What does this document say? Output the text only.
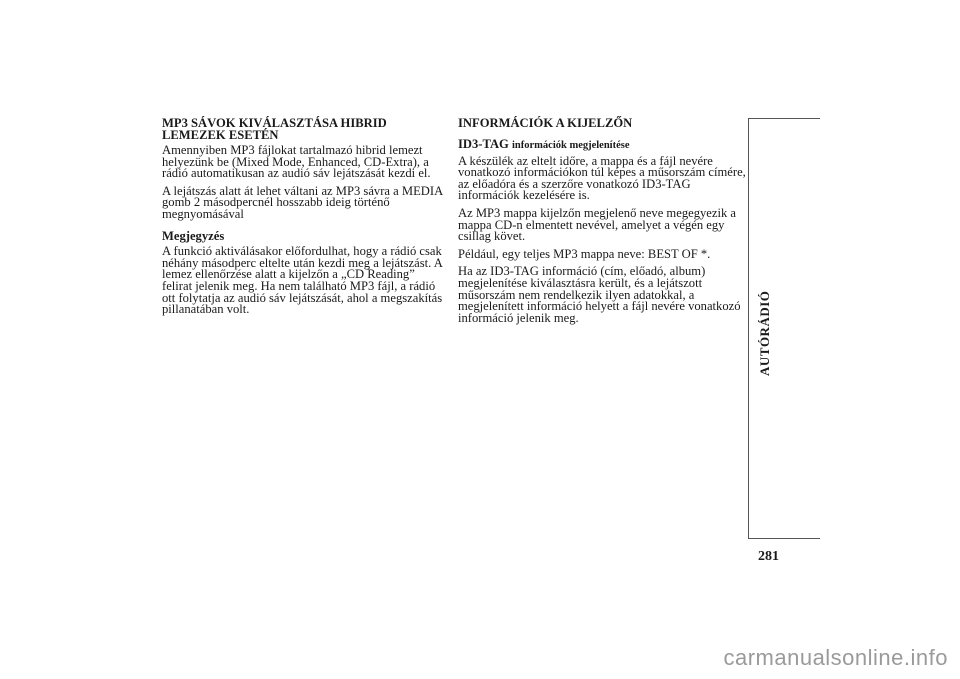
MP3 SÁVOK KIVÁLASZTÁSA HIBRID
LEMEZEK ESETÉN

Amennyiben MP3 fájlokat tartalmazó hibrid lemezt helyezünk be (Mixed Mode, Enhanced, CD-Extra), a rádió automatikusan az audió sáv lejátszását kezdi el.

A lejátszás alatt át lehet váltani az MP3 sávra a MEDIA gomb 2 másodpercnél hosszabb ideig történő megnyomásával

Megjegyzés

A funkció aktiválásakor előfordulhat, hogy a rádió csak néhány másodperc eltelte után kezdi meg a lejátszást. A lemez ellenőrzése alatt a kijelzőn a „CD Reading” felirat jelenik meg. Ha nem található MP3 fájl, a rádió ott folytatja az audió sáv lejátszását, ahol a megszakítás pillanatában volt.

INFORMÁCIÓK A KIJELZŐN
ID3-TAG információk megjelenítése

A készülék az eltelt időre, a mappa és a fájl nevére vonatkozó információkon túl képes a műsorszám címére, az előadóra és a szerzőre vonatkozó ID3-TAG információk kezelésére is.

Az MP3 mappa kijelzőn megjelenő neve megegyezik a mappa CD-n elmentett nevével, amelyet a végén egy csillag követ.

Például, egy teljes MP3 mappa neve: BEST OF *.

Ha az ID3-TAG információ (cím, előadó, album) megjelenítése kiválasztásra került, és a lejátszott műsorszám nem rendelkezik ilyen adatokkal, a megjelenített információ helyett a fájl nevére vonatkozó információ jelenik meg.	AUTÓRÁDIÓ
281
carmanualsonline.info
